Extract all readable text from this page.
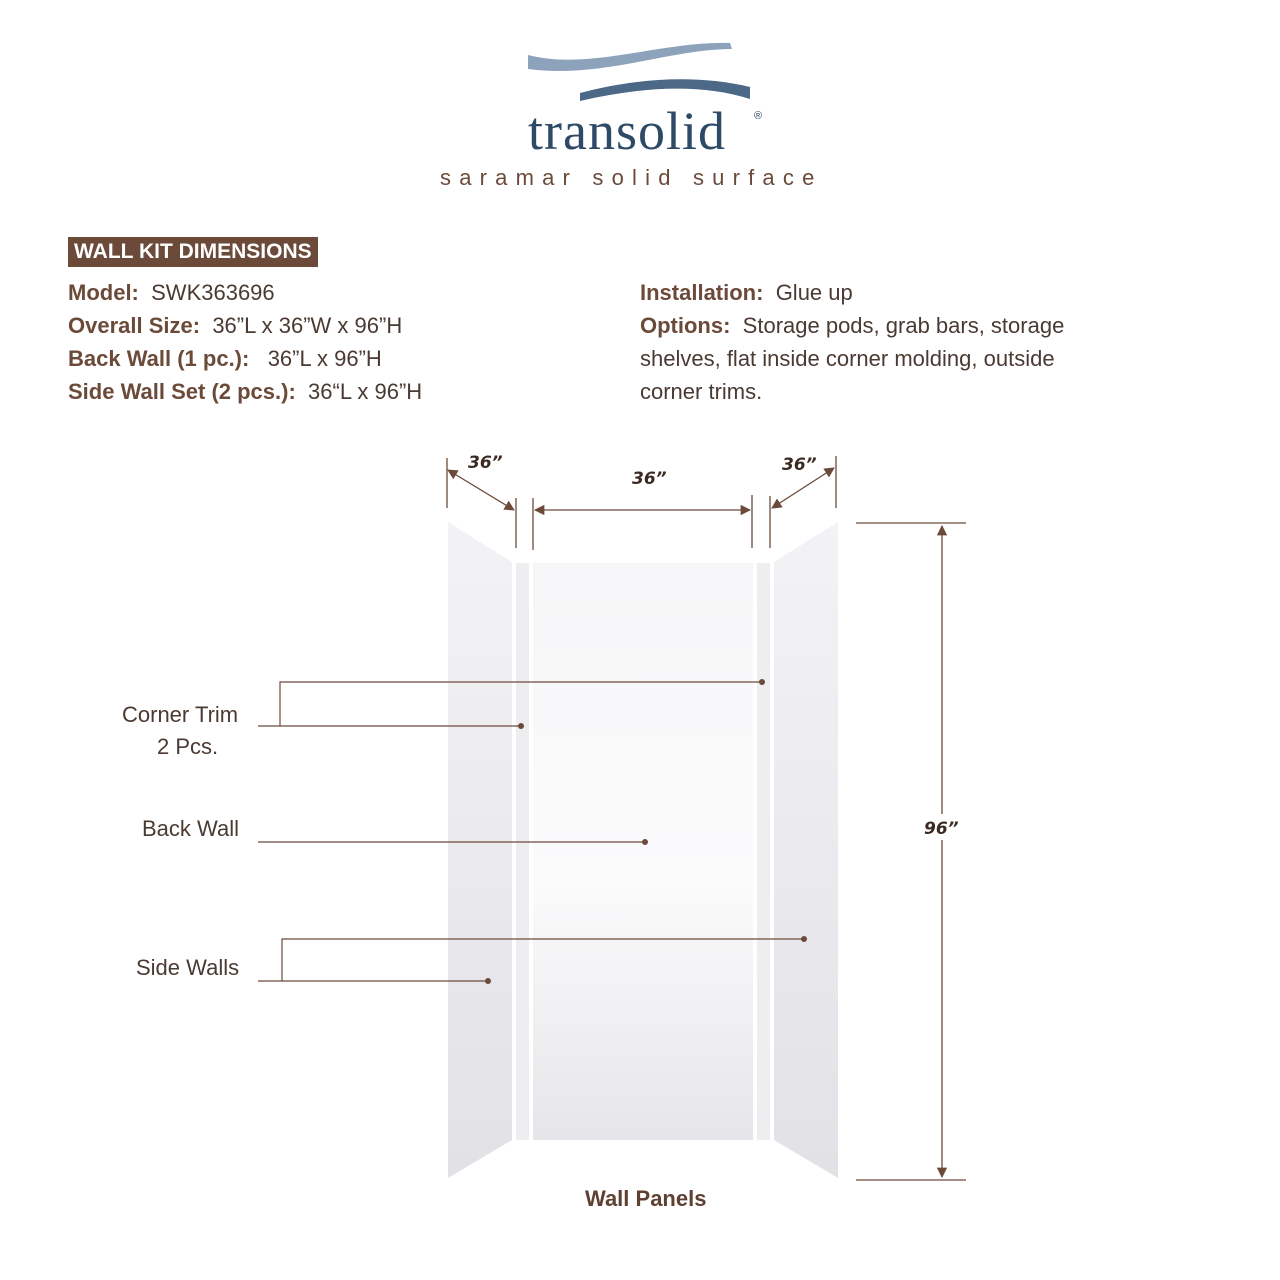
transolid	®
saramar solid surface
WALL KIT DIMENSIONS
Model: SWK363696
Overall Size: 36”L x 36”W x 96”H
Back Wall (1 pc.): 36”L x 96”H
Side Wall Set (2 pcs.): 36“L x 96”H
Installation: Glue up
Options: Storage pods, grab bars, storage
shelves, flat inside corner molding, outside
corner trims.
36”
36”
36”
96”
Corner Trim
2 Pcs.
Back Wall
Side Walls
Wall Panels
